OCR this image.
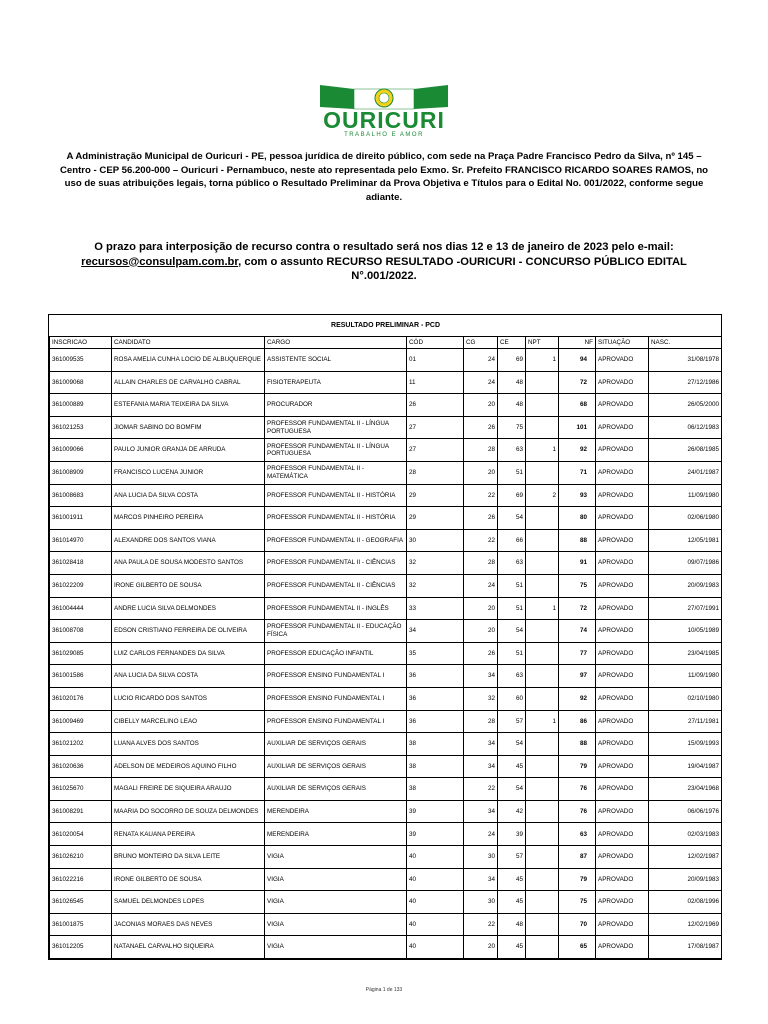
OURICURI
TRABALHO E AMOR
A Administração Municipal de Ouricuri - PE, pessoa jurídica de direito público, com sede na Praça Padre Francisco Pedro da Silva, nº 145 – Centro - CEP 56.200-000 – Ouricuri - Pernambuco, neste ato representada pelo Exmo. Sr. Prefeito FRANCISCO RICARDO SOARES RAMOS, no uso de suas atribuições legais, torna público o Resultado Preliminar da Prova Objetiva e Títulos para o Edital No. 001/2022, conforme segue adiante.
O prazo para interposição de recurso contra o resultado será nos dias 12 e 13 de janeiro de 2023 pelo e-mail:
recursos@consulpam.com.br, com o assunto RECURSO RESULTADO -OURICURI - CONCURSO PÚBLICO EDITAL N°.001/2022.
RESULTADO PRELIMINAR - PCD									
INSCRICAO	CANDIDATO	CARGO	CÓD	CG	CE	NPT	NF	SITUAÇÃO	NASC.
361009535	ROSA AMELIA CUNHA LOCIO DE ALBUQUERQUE	ASSISTENTE SOCIAL	01	24	69	1	94	APROVADO	31/08/1978
361009068	ALLAIN CHARLES DE CARVALHO CABRAL	FISIOTERAPEUTA	11	24	48		72	APROVADO	27/12/1986
361000889	ESTEFANIA MARIA TEIXEIRA DA SILVA	PROCURADOR	26	20	48		68	APROVADO	26/05/2000
361021253	JIOMAR SABINO DO BOMFIM	PROFESSOR FUNDAMENTAL II - LÍNGUA PORTUGUESA	27	26	75		101	APROVADO	06/12/1983
361009066	PAULO JUNIOR GRANJA DE ARRUDA	PROFESSOR FUNDAMENTAL II - LÍNGUA PORTUGUESA	27	28	63	1	92	APROVADO	26/08/1985
361008909	FRANCISCO LUCENA JUNIOR	PROFESSOR FUNDAMENTAL II - MATEMÁTICA	28	20	51		71	APROVADO	24/01/1987
361008683	ANA LUCIA DA SILVA COSTA	PROFESSOR FUNDAMENTAL II - HISTÓRIA	29	22	69	2	93	APROVADO	11/09/1980
361001911	MARCOS PINHEIRO PEREIRA	PROFESSOR FUNDAMENTAL II - HISTÓRIA	29	26	54		80	APROVADO	02/06/1980
361014970	ALEXANDRE DOS SANTOS VIANA	PROFESSOR FUNDAMENTAL II - GEOGRAFIA	30	22	66		88	APROVADO	12/05/1981
361028418	ANA PAULA DE SOUSA MODESTO SANTOS	PROFESSOR FUNDAMENTAL II - CIÊNCIAS	32	28	63		91	APROVADO	09/07/1986
361022209	IRONE GILBERTO DE SOUSA	PROFESSOR FUNDAMENTAL II - CIÊNCIAS	32	24	51		75	APROVADO	20/09/1983
361004444	ANDRE LUCIA SILVA DELMONDES	PROFESSOR FUNDAMENTAL II - INGLÊS	33	20	51	1	72	APROVADO	27/07/1991
361008708	EDSON CRISTIANO FERREIRA DE OLIVEIRA	PROFESSOR FUNDAMENTAL II - EDUCAÇÃO FÍSICA	34	20	54		74	APROVADO	10/05/1989
361029085	LUIZ CARLOS FERNANDES DA SILVA	PROFESSOR EDUCAÇÃO INFANTIL	35	26	51		77	APROVADO	23/04/1985
361001586	ANA LUCIA DA SILVA COSTA	PROFESSOR ENSINO FUNDAMENTAL I	36	34	63		97	APROVADO	11/09/1980
361020176	LUCIO RICARDO DOS SANTOS	PROFESSOR ENSINO FUNDAMENTAL I	36	32	60		92	APROVADO	02/10/1980
361009469	CIBELLY MARCELINO LEAO	PROFESSOR ENSINO FUNDAMENTAL I	36	28	57	1	86	APROVADO	27/11/1981
361021202	LUANA ALVES DOS SANTOS	AUXILIAR DE SERVIÇOS GERAIS	38	34	54		88	APROVADO	15/09/1993
361020636	ADELSON DE MEDEIROS AQUINO FILHO	AUXILIAR DE SERVIÇOS GERAIS	38	34	45		79	APROVADO	19/04/1987
361025670	MAGALI FREIRE DE SIQUEIRA ARAUJO	AUXILIAR DE SERVIÇOS GERAIS	38	22	54		76	APROVADO	23/04/1968
361008291	MAARIA DO SOCORRO DE SOUZA DELMONDES	MERENDEIRA	39	34	42		76	APROVADO	06/06/1976
361020054	RENATA KAUANA PEREIRA	MERENDEIRA	39	24	39		63	APROVADO	02/03/1983
361026210	BRUNO MONTEIRO DA SILVA LEITE	VIGIA	40	30	57		87	APROVADO	12/02/1987
361022216	IRONE GILBERTO DE SOUSA	VIGIA	40	34	45		79	APROVADO	20/09/1983
361026545	SAMUEL DELMONDES LOPES	VIGIA	40	30	45		75	APROVADO	02/08/1996
361001875	JACONIAS MORAES DAS NEVES	VIGIA	40	22	48		70	APROVADO	12/02/1969
361012205	NATANAEL CARVALHO SIQUEIRA	VIGIA	40	20	45		65	APROVADO	17/08/1987
Página 1 de 133
